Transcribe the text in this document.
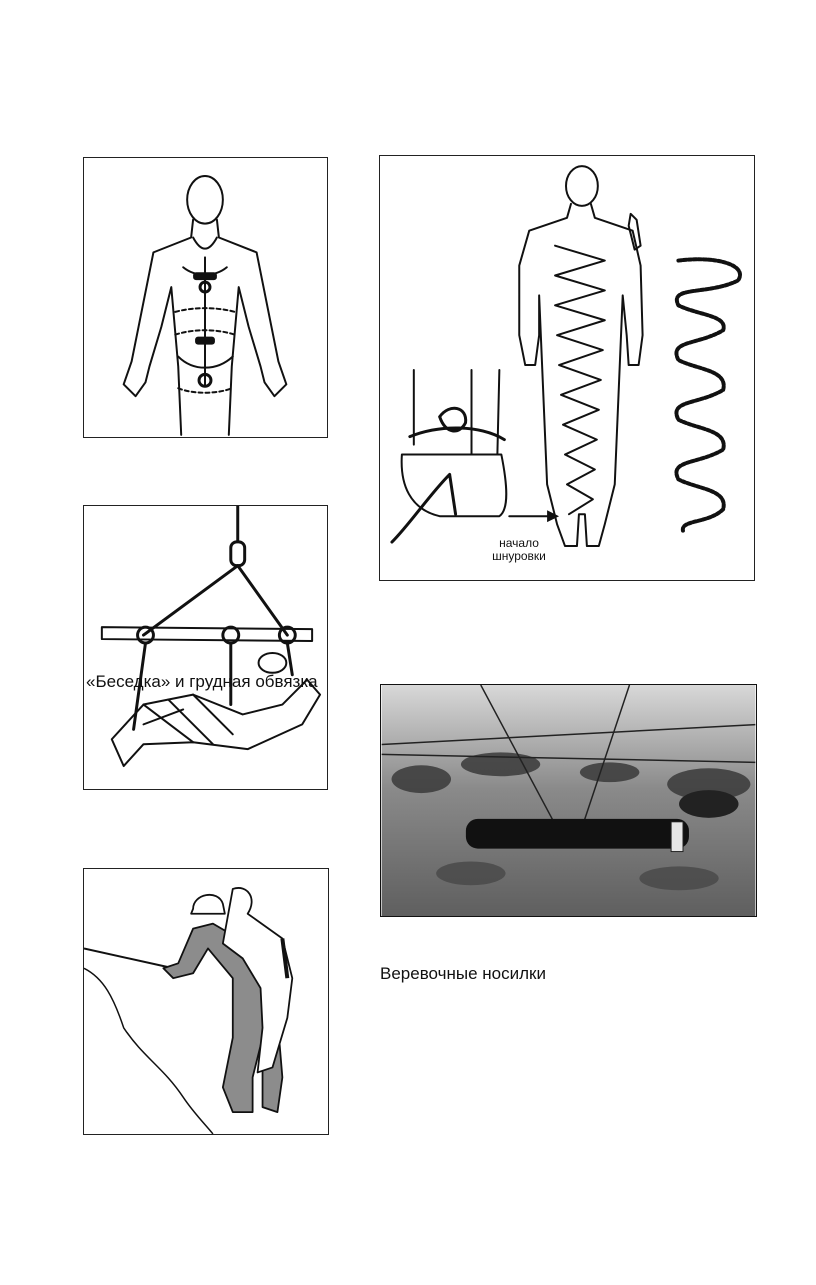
начало
шнуровки
«Беседка» и грудная обвязка
Веревочные носилки
